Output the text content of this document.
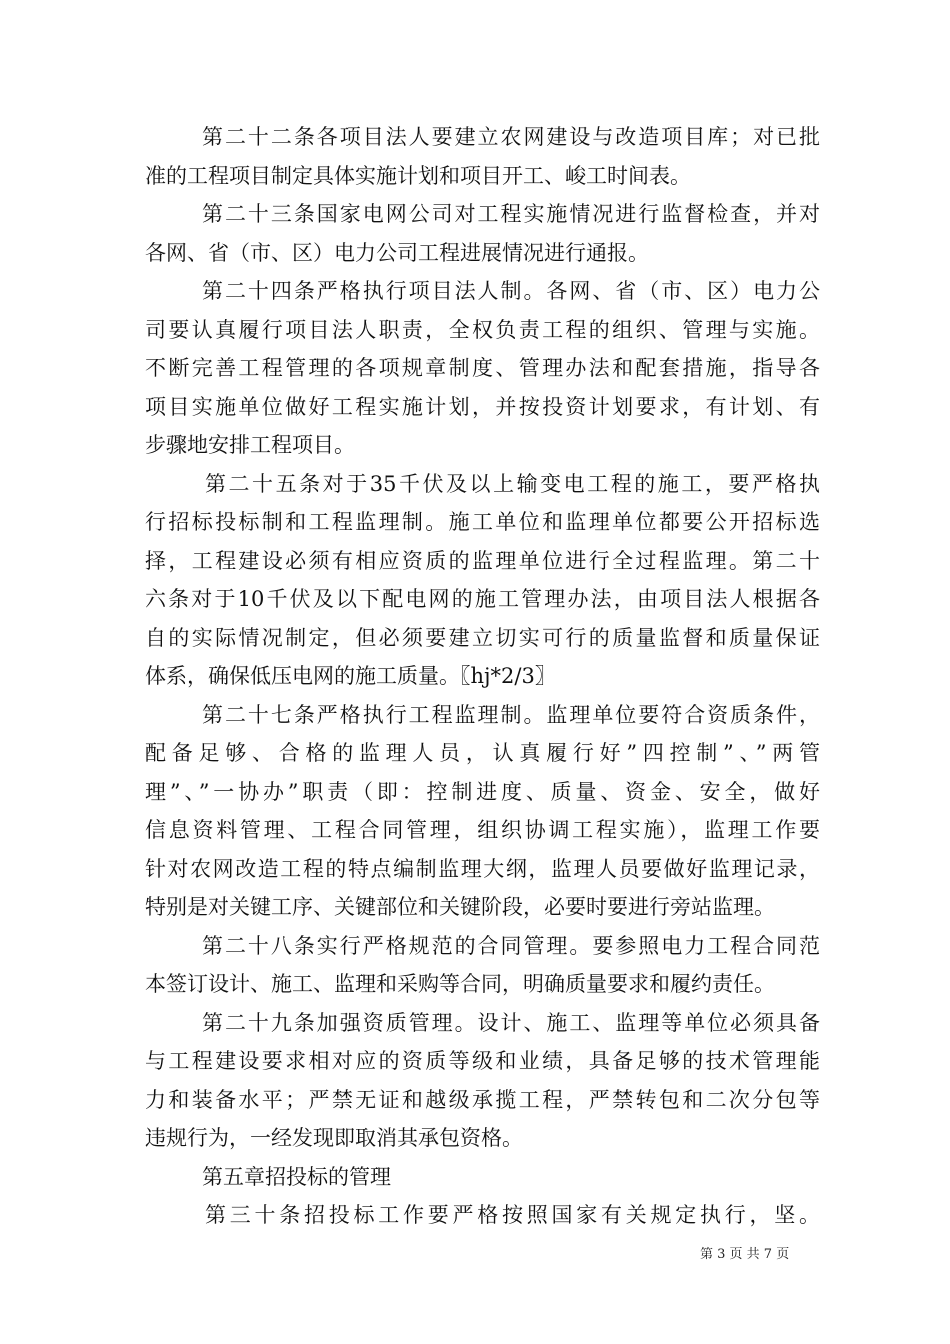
第二十二条各项目法人要建立农网建设与改造项目库；对已批
准的工程项目制定具体实施计划和项目开工、峻工时间表。
第二十三条国家电网公司对工程实施情况进行监督检查，并对
各网、省（市、区）电力公司工程进展情况进行通报。
第二十四条严格执行项目法人制。各网、省（市、区）电力公
司要认真履行项目法人职责，全权负责工程的组织、管理与实施。
不断完善工程管理的各项规章制度、管理办法和配套措施，指导各
项目实施单位做好工程实施计划，并按投资计划要求，有计划、有
步骤地安排工程项目。
第二十五条对于35千伏及以上输变电工程的施工，要严格执
行招标投标制和工程监理制。施工单位和监理单位都要公开招标选
择，工程建设必须有相应资质的监理单位进行全过程监理。第二十
六条对于10千伏及以下配电网的施工管理办法，由项目法人根据各
自的实际情况制定，但必须要建立切实可行的质量监督和质量保证
体系，确保低压电网的施工质量。〖hj*2/3〗
第二十七条严格执行工程监理制。监理单位要符合资质条件，
配备足够、合格的监理人员，认真履行好”四控制”、”两管
理”、”一协办”职责（即：控制进度、质量、资金、安全，做好
信息资料管理、工程合同管理，组织协调工程实施），监理工作要
针对农网改造工程的特点编制监理大纲，监理人员要做好监理记录，
特别是对关键工序、关键部位和关键阶段，必要时要进行旁站监理。
第二十八条实行严格规范的合同管理。要参照电力工程合同范
本签订设计、施工、监理和采购等合同，明确质量要求和履约责任。
第二十九条加强资质管理。设计、施工、监理等单位必须具备
与工程建设要求相对应的资质等级和业绩，具备足够的技术管理能
力和装备水平；严禁无证和越级承揽工程，严禁转包和二次分包等
违规行为，一经发现即取消其承包资格。
第五章招投标的管理
第三十条招投标工作要严格按照国家有关规定执行，坚。
第 3 页 共 7 页
